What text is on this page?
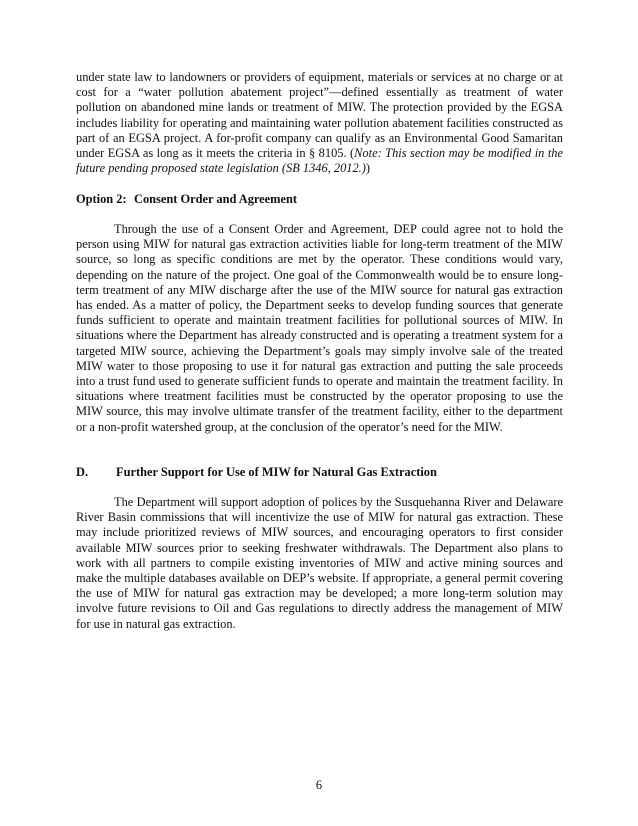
under state law to landowners or providers of equipment, materials or services at no charge or at cost for a “water pollution abatement project”—defined essentially as treatment of water pollution on abandoned mine lands or treatment of MIW. The protection provided by the EGSA includes liability for operating and maintaining water pollution abatement facilities constructed as part of an EGSA project. A for-profit company can qualify as an Environmental Good Samaritan under EGSA as long as it meets the criteria in § 8105. (Note: This section may be modified in the future pending proposed state legislation (SB 1346, 2012.))

Option 2: Consent Order and Agreement

Through the use of a Consent Order and Agreement, DEP could agree not to hold the person using MIW for natural gas extraction activities liable for long-term treatment of the MIW source, so long as specific conditions are met by the operator. These conditions would vary, depending on the nature of the project. One goal of the Commonwealth would be to ensure long-term treatment of any MIW discharge after the use of the MIW source for natural gas extraction has ended. As a matter of policy, the Department seeks to develop funding sources that generate funds sufficient to operate and maintain treatment facilities for pollutional sources of MIW. In situations where the Department has already constructed and is operating a treatment system for a targeted MIW source, achieving the Department’s goals may simply involve sale of the treated MIW water to those proposing to use it for natural gas extraction and putting the sale proceeds into a trust fund used to generate sufficient funds to operate and maintain the treatment facility. In situations where treatment facilities must be constructed by the operator proposing to use the MIW source, this may involve ultimate transfer of the treatment facility, either to the department or a non-profit watershed group, at the conclusion of the operator’s need for the MIW.

D. Further Support for Use of MIW for Natural Gas Extraction

The Department will support adoption of polices by the Susquehanna River and Delaware River Basin commissions that will incentivize the use of MIW for natural gas extraction. These may include prioritized reviews of MIW sources, and encouraging operators to first consider available MIW sources prior to seeking freshwater withdrawals. The Department also plans to work with all partners to compile existing inventories of MIW and active mining sources and make the multiple databases available on DEP’s website. If appropriate, a general permit covering the use of MIW for natural gas extraction may be developed; a more long-term solution may involve future revisions to Oil and Gas regulations to directly address the management of MIW for use in natural gas extraction.

6
